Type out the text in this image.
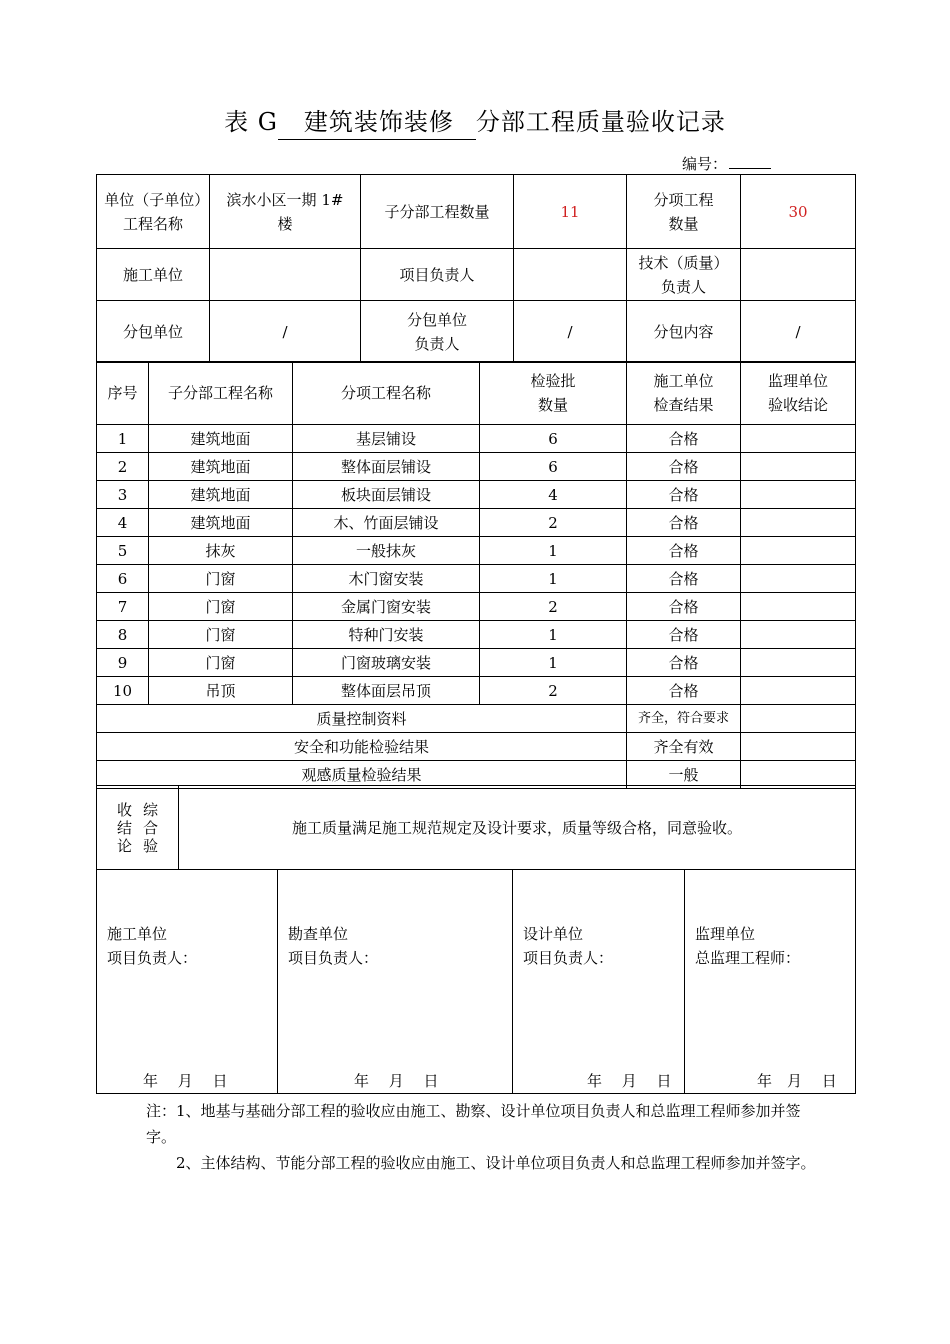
表 G 建筑装饰装修 分部工程质量验收记录
编号：
单位（子单位）工程名称	滨水小区一期 1#楼	子分部工程数量	11	分项工程数量	30
施工单位		项目负责人		技术（质量）负责人	
分包单位	/	分包单位负责人	/	分包内容	/
序号	子分部工程名称	分项工程名称	检验批数量	施工单位检查结果	监理单位验收结论
1	建筑地面	基层铺设	6	合格	
2	建筑地面	整体面层铺设	6	合格	
3	建筑地面	板块面层铺设	4	合格	
4	建筑地面	木、竹面层铺设	2	合格	
5	抹灰	一般抹灰	1	合格	
6	门窗	木门窗安装	1	合格	
7	门窗	金属门窗安装	2	合格	
8	门窗	特种门安装	1	合格	
9	门窗	门窗玻璃安装	1	合格	
10	吊顶	整体面层吊顶	2	合格	
质量控制资料				齐全，符合要求	
安全和功能检验结果				齐全有效	
观感质量检验结果				一般	
收结论
综合验
	施工质量满足施工规范规定及设计要求，质量等级合格，同意验收。
施工单位
项目负责人：
年　 月　 日

勘查单位
项目负责人：
年　 月　 日

设计单位
项目负责人：
年　 月　 日

监理单位
总监理工程师：
年　月　 日

注：1、地基与基础分部工程的验收应由施工、勘察、设计单位项目负责人和总监理工程师参加并签字。

2、主体结构、节能分部工程的验收应由施工、设计单位项目负责人和总监理工程师参加并签字。
